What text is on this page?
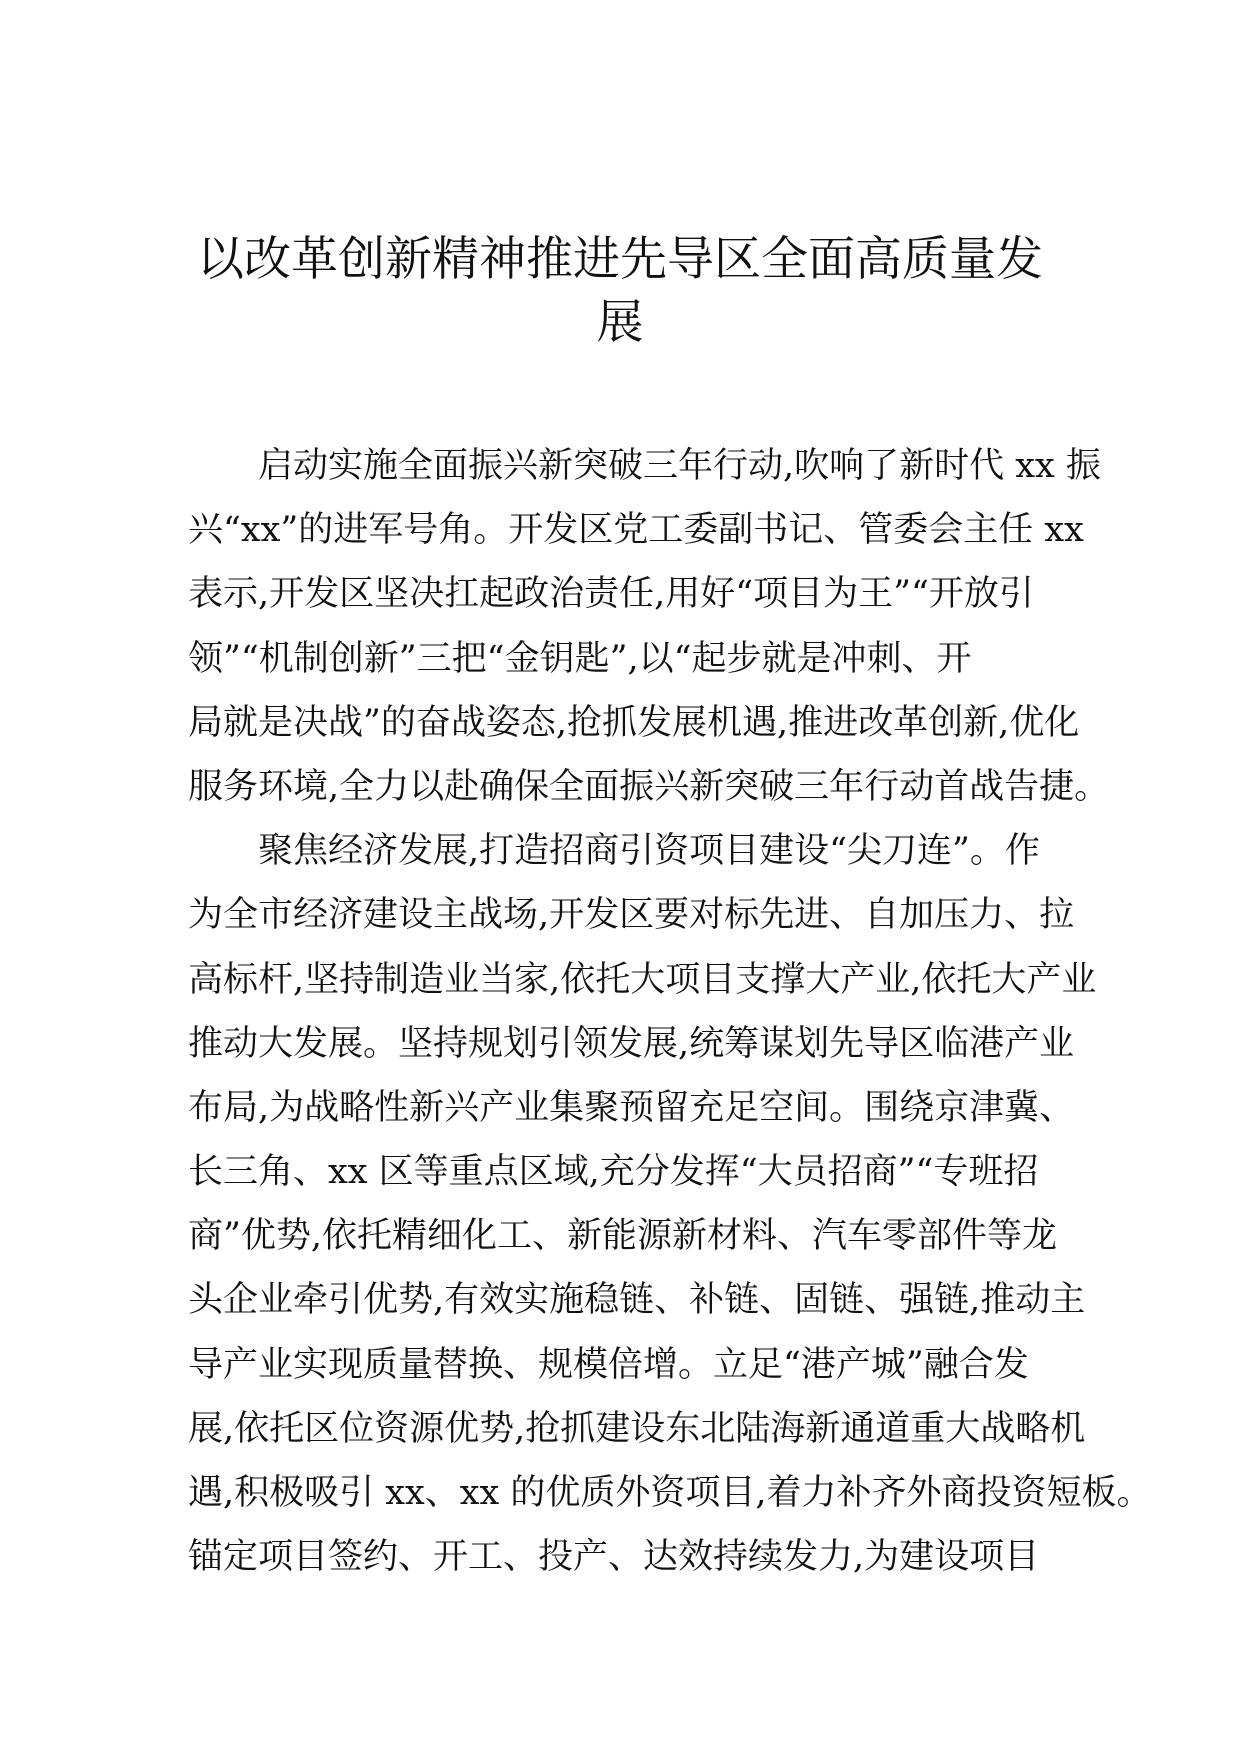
以改革创新精神推进先导区全面高质量发
展

启动实施全面振兴新突破三年行动,吹响了新时代 xx 振
兴“xx”的进军号角。开发区党工委副书记、管委会主任 xx
表示,开发区坚决扛起政治责任,用好“项目为王”“开放引
领”“机制创新”三把“金钥匙”,以“起步就是冲刺、开
局就是决战”的奋战姿态,抢抓发展机遇,推进改革创新,优化
服务环境,全力以赴确保全面振兴新突破三年行动首战告捷。

聚焦经济发展,打造招商引资项目建设“尖刀连”。作
为全市经济建设主战场,开发区要对标先进、自加压力、拉
高标杆,坚持制造业当家,依托大项目支撑大产业,依托大产业
推动大发展。坚持规划引领发展,统筹谋划先导区临港产业
布局,为战略性新兴产业集聚预留充足空间。围绕京津冀、
长三角、xx 区等重点区域,充分发挥“大员招商”“专班招
商”优势,依托精细化工、新能源新材料、汽车零部件等龙
头企业牵引优势,有效实施稳链、补链、固链、强链,推动主
导产业实现质量替换、规模倍增。立足“港产城”融合发
展,依托区位资源优势,抢抓建设东北陆海新通道重大战略机
遇,积极吸引 xx、xx 的优质外资项目,着力补齐外商投资短板。
锚定项目签约、开工、投产、达效持续发力,为建设项目
